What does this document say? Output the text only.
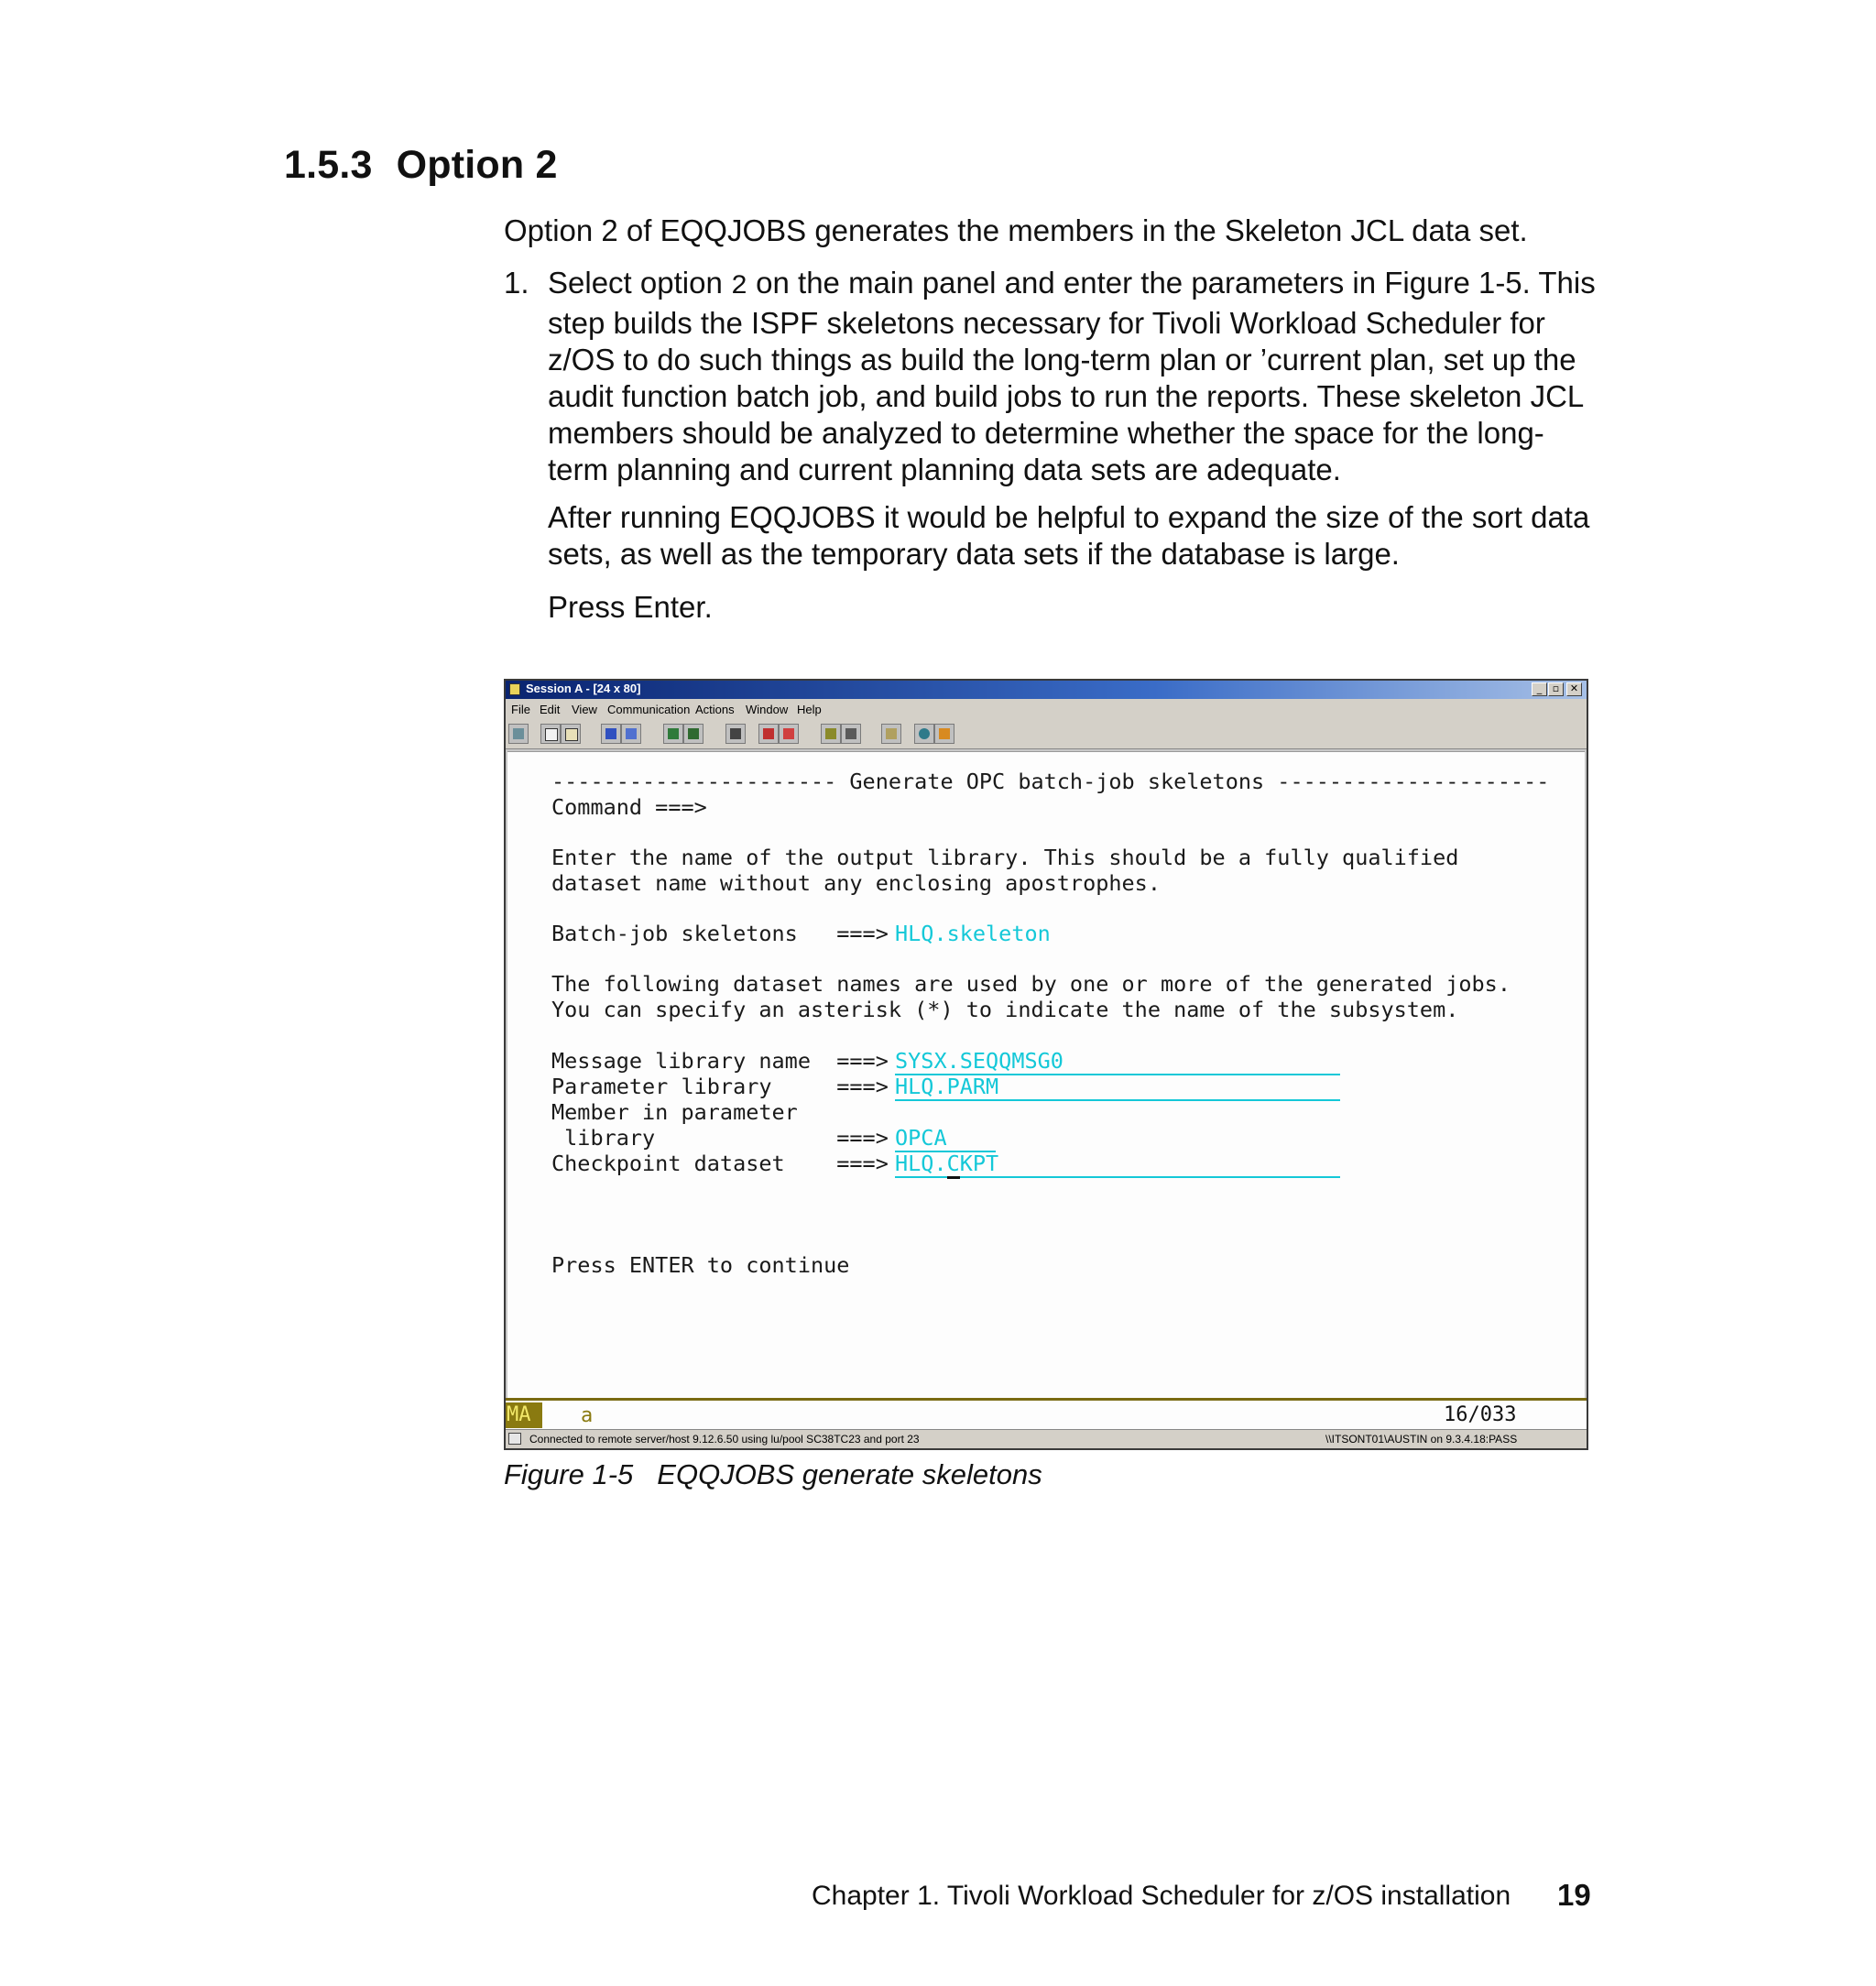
1.5.3 Option 2

Option 2 of EQQJOBS generates the members in the Skeleton JCL data set.

1. Select option 2 on the main panel and enter the parameters in Figure 1-5. This step builds the ISPF skeletons necessary for Tivoli Workload Scheduler for z/OS to do such things as build the long-term plan or ’current plan, set up the audit function batch job, and build jobs to run the reports. These skeleton JCL members should be analyzed to determine whether the space for the long-term planning and current planning data sets are adequate.

After running EQQJOBS it would be helpful to expand the size of the sort data sets, as well as the temporary data sets if the database is large.

Press Enter.

Session A - [24 x 80]	_	▫	✕
File Edit View Communication Actions Window Help
---------------------- Generate OPC batch-job skeletons ---------------------
Command ===>
Enter the name of the output library. This should be a fully qualified
dataset name without any enclosing apostrophes.
Batch-job skeletons   ===> HLQ.skeleton
The following dataset names are used by one or more of the generated jobs.
You can specify an asterisk (*) to indicate the name of the subsystem.
Message library name  ===> SYSX.SEQQMSG0
Parameter library     ===> HLQ.PARM
Member in parameter
library              ===> OPCA
Checkpoint dataset    ===> HLQ.CKPT
Press ENTER to continue
MA	a	16/033
Connected to remote server/host 9.12.6.50 using lu/pool SC38TC23 and port 23	\\ITSONT01\AUSTIN on 9.3.4.18:PASS

Figure 1-5 EQQJOBS generate skeletons

Chapter 1. Tivoli Workload Scheduler for z/OS installation 19
